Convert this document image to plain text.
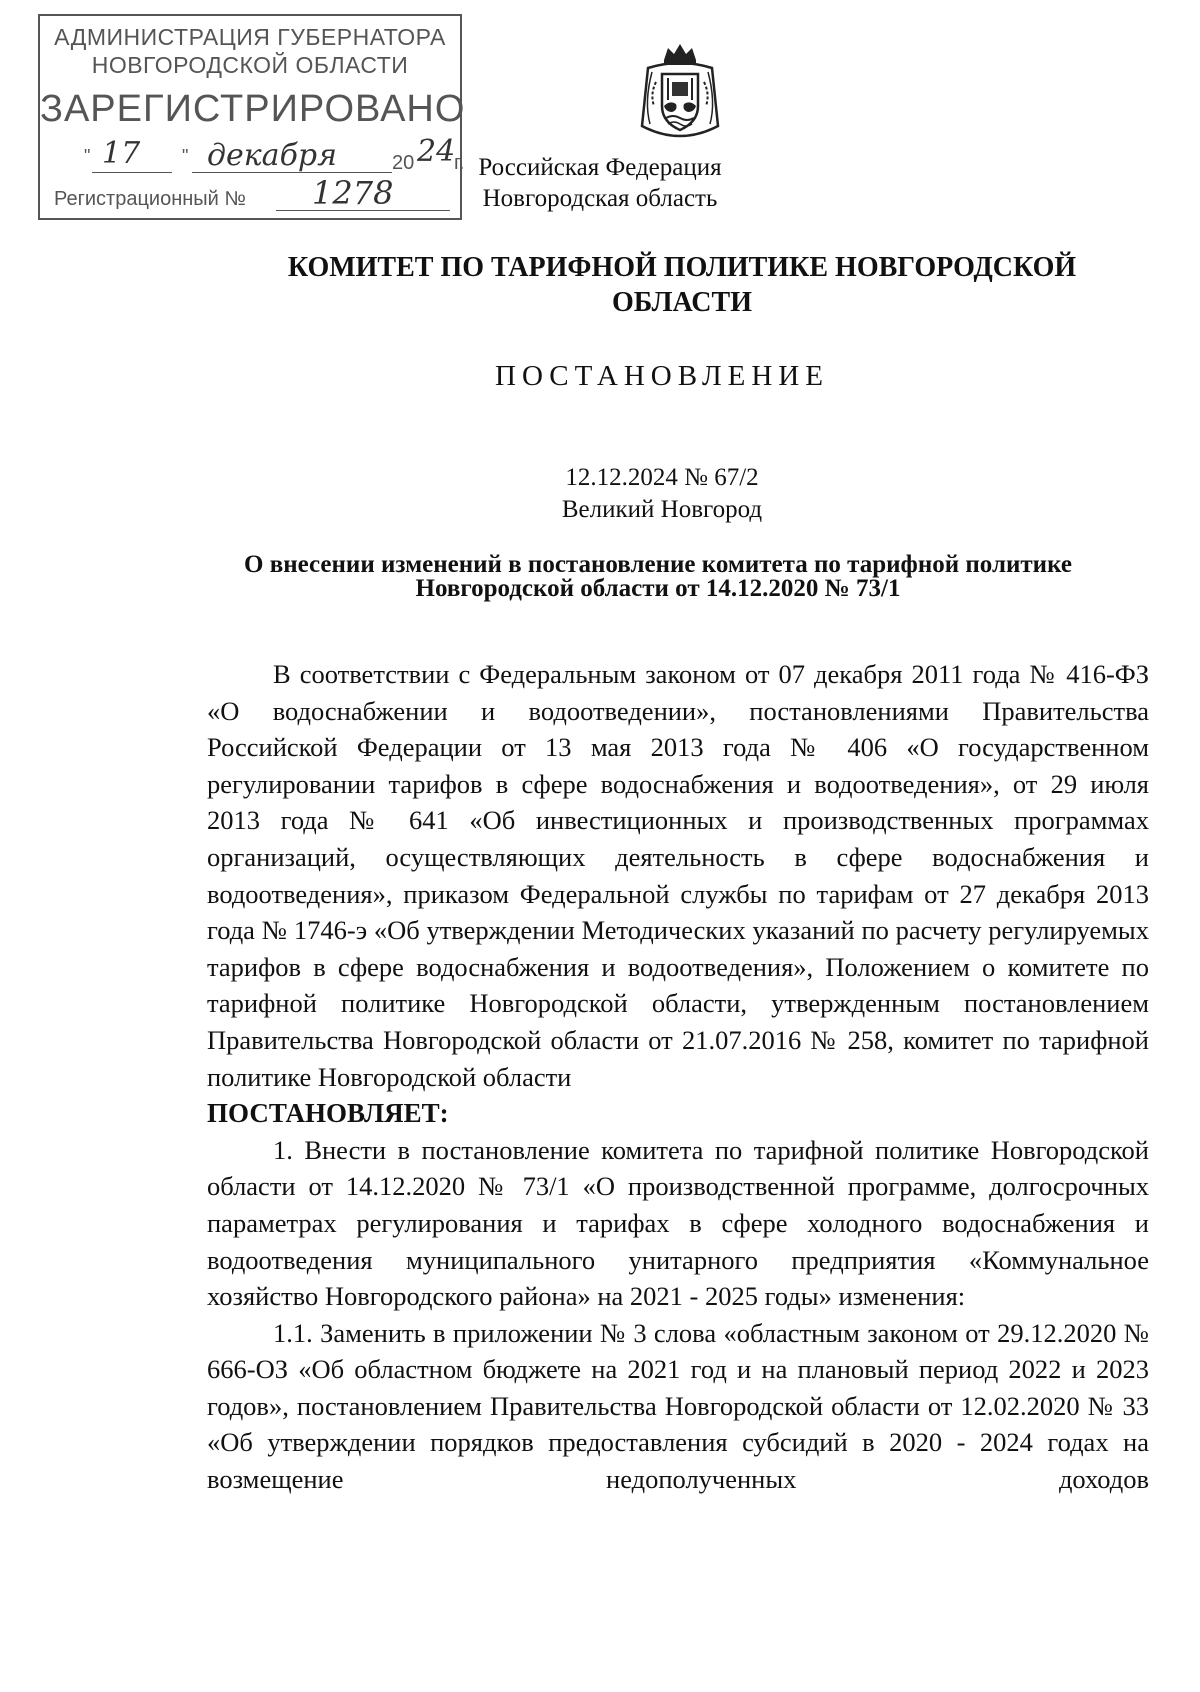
АДМИНИСТРАЦИЯ ГУБЕРНАТОРА
НОВГОРОДСКОЙ ОБЛАСТИ
ЗАРЕГИСТРИРОВАНО
" 17 " декабря	20 24
г.
Регистрационный № 1278
Российская Федерация
Новгородская область
КОМИТЕТ ПО ТАРИФНОЙ ПОЛИТИКЕ НОВГОРОДСКОЙ
ОБЛАСТИ
ПОСТАНОВЛЕНИЕ
12.12.2024 № 67/2
Великий Новгород
О внесении изменений в постановление комитета по тарифной политике
Новгородской области от 14.12.2020 № 73/1

В соответствии с Федеральным законом от 07 декабря 2011 года № 416-ФЗ «О водоснабжении и водоотведении», постановлениями Правительства Российской Федерации от 13 мая 2013 года № 406 «О государственном регулировании тарифов в сфере водоснабжения и водоотведения», от 29 июля 2013 года № 641 «Об инвестиционных и производственных программах организаций, осуществляющих деятельность в сфере водоснабжения и водоотведения», приказом Федеральной службы по тарифам от 27 декабря 2013 года № 1746-э «Об утверждении Методических указаний по расчету регулируемых тарифов в сфере водоснабжения и водоотведения», Положением о комитете по тарифной политике Новгородской области, утвержденным постановлением Правительства Новгородской области от 21.07.2016 № 258, комитет по тарифной политике Новгородской области

ПОСТАНОВЛЯЕТ:

1. Внести в постановление комитета по тарифной политике Новгородской области от 14.12.2020 № 73/1 «О производственной программе, долгосрочных параметрах регулирования и тарифах в сфере холодного водоснабжения и водоотведения муниципального унитарного предприятия «Коммунальное хозяйство Новгородского района» на 2021 - 2025 годы» изменения:

1.1. Заменить в приложении № 3 слова «областным законом от 29.12.2020 № 666-ОЗ «Об областном бюджете на 2021 год и на плановый период 2022 и 2023 годов», постановлением Правительства Новгородской области от 12.02.2020 № 33 «Об утверждении порядков предоставления субсидий в 2020 - 2024 годах на возмещение недополученных доходов
